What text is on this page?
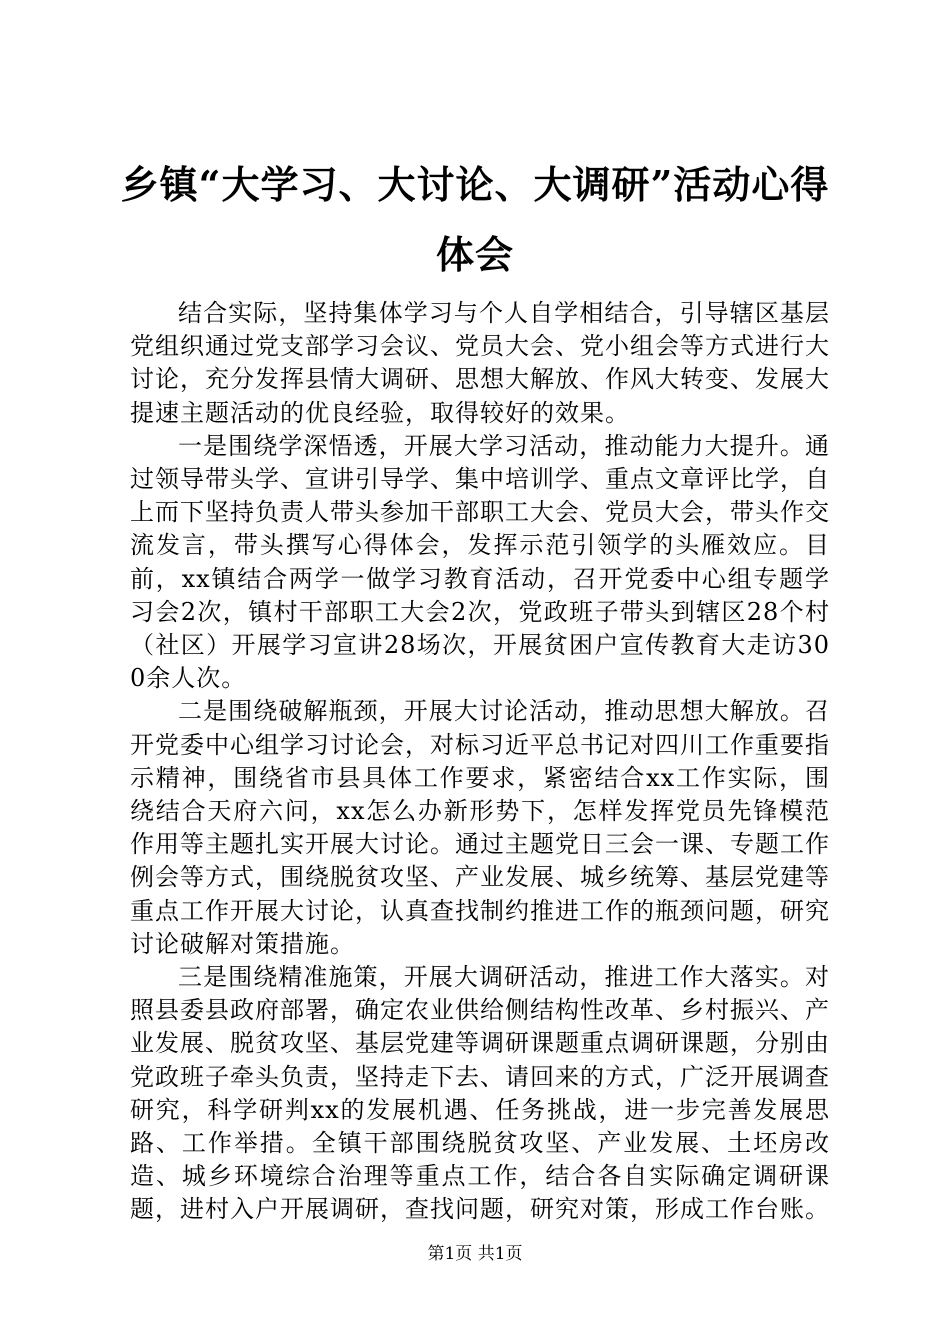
乡镇“大学习、大讨论、大调研”活动心得体会

结合实际，坚持集体学习与个人自学相结合，引导辖区基层党组织通过党支部学习会议、党员大会、党小组会等方式进行大讨论，充分发挥县情大调研、思想大解放、作风大转变、发展大提速主题活动的优良经验，取得较好的效果。

一是围绕学深悟透，开展大学习活动，推动能力大提升。通过领导带头学、宣讲引导学、集中培训学、重点文章评比学，自上而下坚持负责人带头参加干部职工大会、党员大会，带头作交流发言，带头撰写心得体会，发挥示范引领学的头雁效应。目前，xx镇结合两学一做学习教育活动，召开党委中心组专题学习会2次，镇村干部职工大会2次，党政班子带头到辖区28个村（社区）开展学习宣讲28场次，开展贫困户宣传教育大走访300余人次。

二是围绕破解瓶颈，开展大讨论活动，推动思想大解放。召开党委中心组学习讨论会，对标习近平总书记对四川工作重要指示精神，围绕省市县具体工作要求，紧密结合xx工作实际，围绕结合天府六问，xx怎么办新形势下，怎样发挥党员先锋模范作用等主题扎实开展大讨论。通过主题党日三会一课、专题工作例会等方式，围绕脱贫攻坚、产业发展、城乡统筹、基层党建等重点工作开展大讨论，认真查找制约推进工作的瓶颈问题，研究讨论破解对策措施。

三是围绕精准施策，开展大调研活动，推进工作大落实。对照县委县政府部署，确定农业供给侧结构性改革、乡村振兴、产业发展、脱贫攻坚、基层党建等调研课题重点调研课题，分别由党政班子牵头负责，坚持走下去、请回来的方式，广泛开展调查研究，科学研判xx的发展机遇、任务挑战，进一步完善发展思路、工作举措。全镇干部围绕脱贫攻坚、产业发展、土坯房改造、城乡环境综合治理等重点工作，结合各自实际确定调研课题，进村入户开展调研，查找问题，研究对策，形成工作台账。

第1页 共1页
